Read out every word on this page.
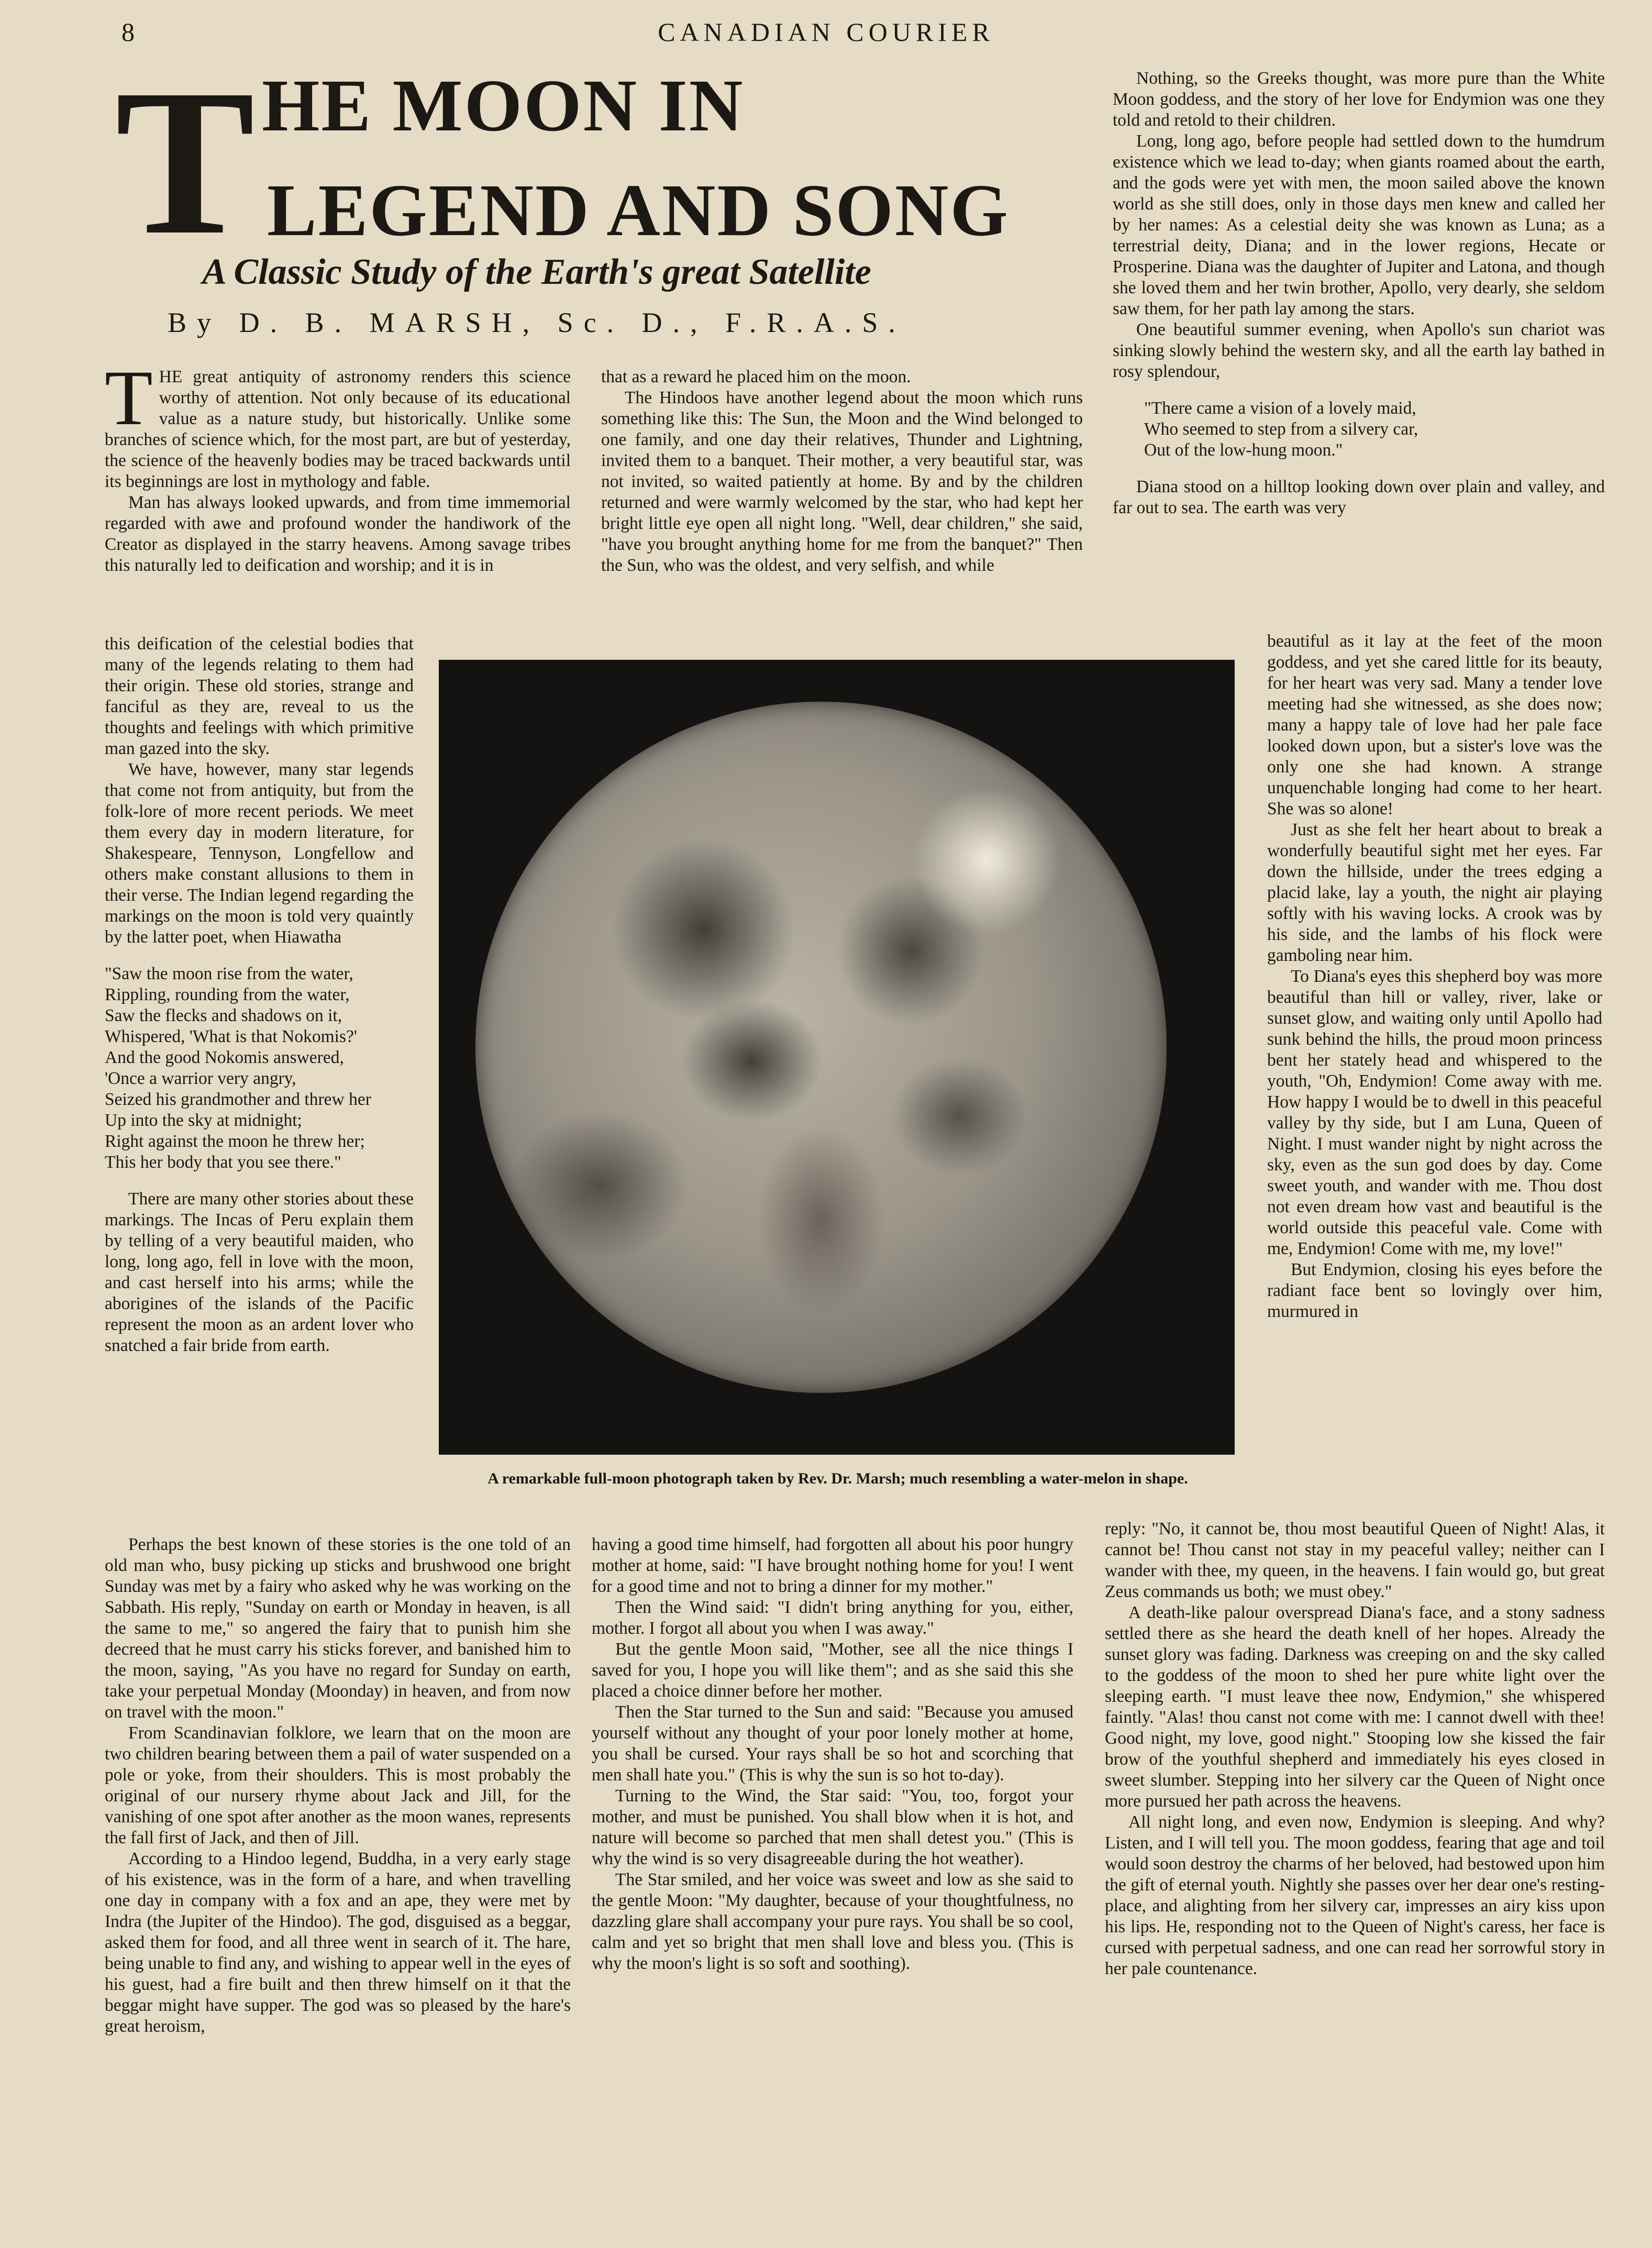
8	CANADIAN COURIER
T HE MOON IN
LEGEND AND SONG
A Classic Study of the Earth's great Satellite
By D. B. MARSH, Sc. D., F.R.A.S.

THE great antiquity of astronomy renders this science worthy of attention. Not only because of its educational value as a nature study, but historically. Unlike some branches of science which, for the most part, are but of yesterday, the science of the heavenly bodies may be traced backwards until its beginnings are lost in mythology and fable.

Man has always looked upwards, and from time immemorial regarded with awe and profound wonder the handiwork of the Creator as displayed in the starry heavens. Among savage tribes this naturally led to deification and worship; and it is in

this deification of the celestial bodies that many of the legends relating to them had their origin. These old stories, strange and fanciful as they are, reveal to us the thoughts and feelings with which primitive man gazed into the sky.

We have, however, many star legends that come not from antiquity, but from the folk-lore of more recent periods. We meet them every day in modern literature, for Shakespeare, Tennyson, Longfellow and others make constant allusions to them in their verse. The Indian legend regarding the markings on the moon is told very quaintly by the latter poet, when Hiawatha

"Saw the moon rise from the water,
Rippling, rounding from the water,
Saw the flecks and shadows on it,
Whispered, 'What is that Nokomis?'
And the good Nokomis answered,
'Once a warrior very angry,
Seized his grandmother and threw her
Up into the sky at midnight;
Right against the moon he threw her;
This her body that you see there."

There are many other stories about these markings. The Incas of Peru explain them by telling of a very beautiful maiden, who long, long ago, fell in love with the moon, and cast herself into his arms; while the aborigines of the islands of the Pacific represent the moon as an ardent lover who snatched a fair bride from earth.

Perhaps the best known of these stories is the one told of an old man who, busy picking up sticks and brushwood one bright Sunday was met by a fairy who asked why he was working on the Sabbath. His reply, "Sunday on earth or Monday in heaven, is all the same to me," so angered the fairy that to punish him she decreed that he must carry his sticks forever, and banished him to the moon, saying, "As you have no regard for Sunday on earth, take your perpetual Monday (Moonday) in heaven, and from now on travel with the moon."

From Scandinavian folklore, we learn that on the moon are two children bearing between them a pail of water suspended on a pole or yoke, from their shoulders. This is most probably the original of our nursery rhyme about Jack and Jill, for the vanishing of one spot after another as the moon wanes, represents the fall first of Jack, and then of Jill.

According to a Hindoo legend, Buddha, in a very early stage of his existence, was in the form of a hare, and when travelling one day in company with a fox and an ape, they were met by Indra (the Jupiter of the Hindoo). The god, disguised as a beggar, asked them for food, and all three went in search of it. The hare, being unable to find any, and wishing to appear well in the eyes of his guest, had a fire built and then threw himself on it that the beggar might have supper. The god was so pleased by the hare's great heroism,

that as a reward he placed him on the moon.

The Hindoos have another legend about the moon which runs something like this: The Sun, the Moon and the Wind belonged to one family, and one day their relatives, Thunder and Lightning, invited them to a banquet. Their mother, a very beautiful star, was not invited, so waited patiently at home. By and by the children returned and were warmly welcomed by the star, who had kept her bright little eye open all night long. "Well, dear children," she said, "have you brought anything home for me from the banquet?" Then the Sun, who was the oldest, and very selfish, and while

having a good time himself, had forgotten all about his poor hungry mother at home, said: "I have brought nothing home for you! I went for a good time and not to bring a dinner for my mother."

Then the Wind said: "I didn't bring anything for you, either, mother. I forgot all about you when I was away."

But the gentle Moon said, "Mother, see all the nice things I saved for you, I hope you will like them"; and as she said this she placed a choice dinner before her mother.

Then the Star turned to the Sun and said: "Because you amused yourself without any thought of your poor lonely mother at home, you shall be cursed. Your rays shall be so hot and scorching that men shall hate you." (This is why the sun is so hot to-day).

Turning to the Wind, the Star said: "You, too, forgot your mother, and must be punished. You shall blow when it is hot, and nature will become so parched that men shall detest you." (This is why the wind is so very disagreeable during the hot weather).

The Star smiled, and her voice was sweet and low as she said to the gentle Moon: "My daughter, because of your thoughtfulness, no dazzling glare shall accompany your pure rays. You shall be so cool, calm and yet so bright that men shall love and bless you. (This is why the moon's light is so soft and soothing).

Nothing, so the Greeks thought, was more pure than the White Moon goddess, and the story of her love for Endymion was one they told and retold to their children.

Long, long ago, before people had settled down to the humdrum existence which we lead to-day; when giants roamed about the earth, and the gods were yet with men, the moon sailed above the known world as she still does, only in those days men knew and called her by her names: As a celestial deity she was known as Luna; as a terrestrial deity, Diana; and in the lower regions, Hecate or Prosperine. Diana was the daughter of Jupiter and Latona, and though she loved them and her twin brother, Apollo, very dearly, she seldom saw them, for her path lay among the stars.

One beautiful summer evening, when Apollo's sun chariot was sinking slowly behind the western sky, and all the earth lay bathed in rosy splendour,

"There came a vision of a lovely maid,
Who seemed to step from a silvery car,
Out of the low-hung moon."

Diana stood on a hilltop looking down over plain and valley, and far out to sea. The earth was very

beautiful as it lay at the feet of the moon goddess, and yet she cared little for its beauty, for her heart was very sad. Many a tender love meeting had she witnessed, as she does now; many a happy tale of love had her pale face looked down upon, but a sister's love was the only one she had known. A strange unquenchable longing had come to her heart. She was so alone!

Just as she felt her heart about to break a wonderfully beautiful sight met her eyes. Far down the hillside, under the trees edging a placid lake, lay a youth, the night air playing softly with his waving locks. A crook was by his side, and the lambs of his flock were gamboling near him.

To Diana's eyes this shepherd boy was more beautiful than hill or valley, river, lake or sunset glow, and waiting only until Apollo had sunk behind the hills, the proud moon princess bent her stately head and whispered to the youth, "Oh, Endymion! Come away with me. How happy I would be to dwell in this peaceful valley by thy side, but I am Luna, Queen of Night. I must wander night by night across the sky, even as the sun god does by day. Come sweet youth, and wander with me. Thou dost not even dream how vast and beautiful is the world outside this peaceful vale. Come with me, Endymion! Come with me, my love!"

But Endymion, closing his eyes before the radiant face bent so lovingly over him, murmured in

reply: "No, it cannot be, thou most beautiful Queen of Night! Alas, it cannot be! Thou canst not stay in my peaceful valley; neither can I wander with thee, my queen, in the heavens. I fain would go, but great Zeus commands us both; we must obey."

A death-like palour overspread Diana's face, and a stony sadness settled there as she heard the death knell of her hopes. Already the sunset glory was fading. Darkness was creeping on and the sky called to the goddess of the moon to shed her pure white light over the sleeping earth. "I must leave thee now, Endymion," she whispered faintly. "Alas! thou canst not come with me: I cannot dwell with thee! Good night, my love, good night." Stooping low she kissed the fair brow of the youthful shepherd and immediately his eyes closed in sweet slumber. Stepping into her silvery car the Queen of Night once more pursued her path across the heavens.

All night long, and even now, Endymion is sleeping. And why? Listen, and I will tell you. The moon goddess, fearing that age and toil would soon destroy the charms of her beloved, had bestowed upon him the gift of eternal youth. Nightly she passes over her dear one's resting-place, and alighting from her silvery car, impresses an airy kiss upon his lips. He, responding not to the Queen of Night's caress, her face is cursed with perpetual sadness, and one can read her sorrowful story in her pale countenance.

A remarkable full-moon photograph taken by Rev. Dr. Marsh; much resembling a water-melon in shape.
